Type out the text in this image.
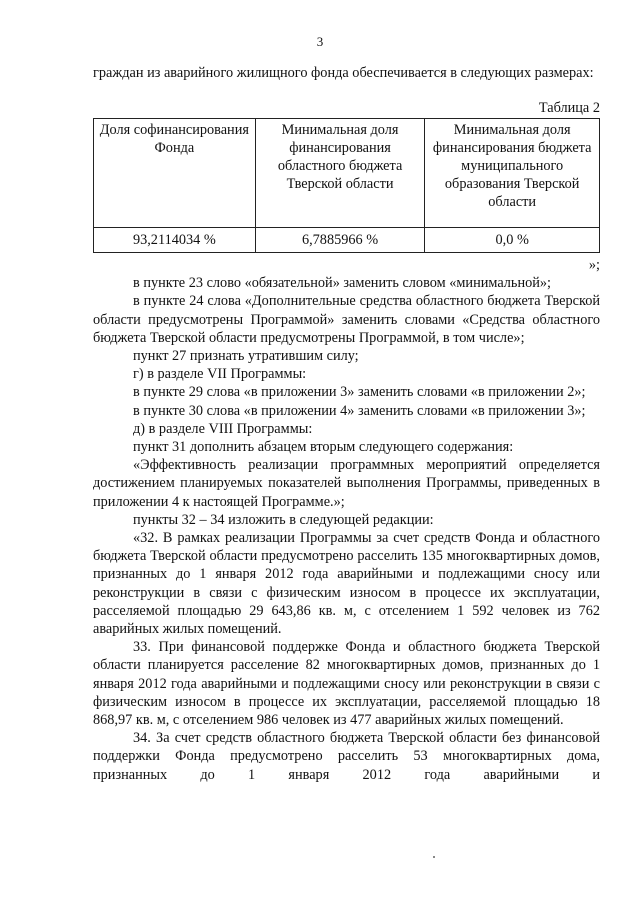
3

граждан из аварийного жилищного фонда обеспечивается в следующих размерах:

Таблица 2
Доля софинансирования Фонда	Минимальная доля финансирования областного бюджета Тверской области	Минимальная доля финансирования бюджета муниципального образования Тверской области
93,2114034 %	6,7885966 %	0,0 %

»;

в пункте 23 слово «обязательной» заменить словом «минимальной»;

в пункте 24 слова «Дополнительные средства областного бюджета Тверской области предусмотрены Программой» заменить словами «Средства областного бюджета Тверской области предусмотрены Программой, в том числе»;

пункт 27 признать утратившим силу;

г) в разделе VII Программы:

в пункте 29 слова «в приложении 3» заменить словами «в приложении 2»;

в пункте 30 слова «в приложении 4» заменить словами «в приложении 3»;

д) в разделе VIII Программы:

пункт 31 дополнить абзацем вторым следующего содержания:

«Эффективность реализации программных мероприятий определяется достижением планируемых показателей выполнения Программы, приведенных в приложении 4 к настоящей Программе.»;

пункты 32 – 34 изложить в следующей редакции:

«32. В рамках реализации Программы за счет средств Фонда и областного бюджета Тверской области предусмотрено расселить 135 многоквартирных домов, признанных до 1 января 2012 года аварийными и подлежащими сносу или реконструкции в связи с физическим износом в процессе их эксплуатации, расселяемой площадью 29 643,86 кв. м, с отселением 1 592 человек из 762 аварийных жилых помещений.

33. При финансовой поддержке Фонда и областного бюджета Тверской области планируется расселение 82 многоквартирных домов, признанных до 1 января 2012 года аварийными и подлежащими сносу или реконструкции в связи с физическим износом в процессе их эксплуатации, расселяемой площадью 18 868,97 кв. м, с отселением 986 человек из 477 аварийных жилых помещений.

34. За счет средств областного бюджета Тверской области без финансовой поддержки Фонда предусмотрено расселить 53 многоквартирных дома, признанных до 1 января 2012 года аварийными и
